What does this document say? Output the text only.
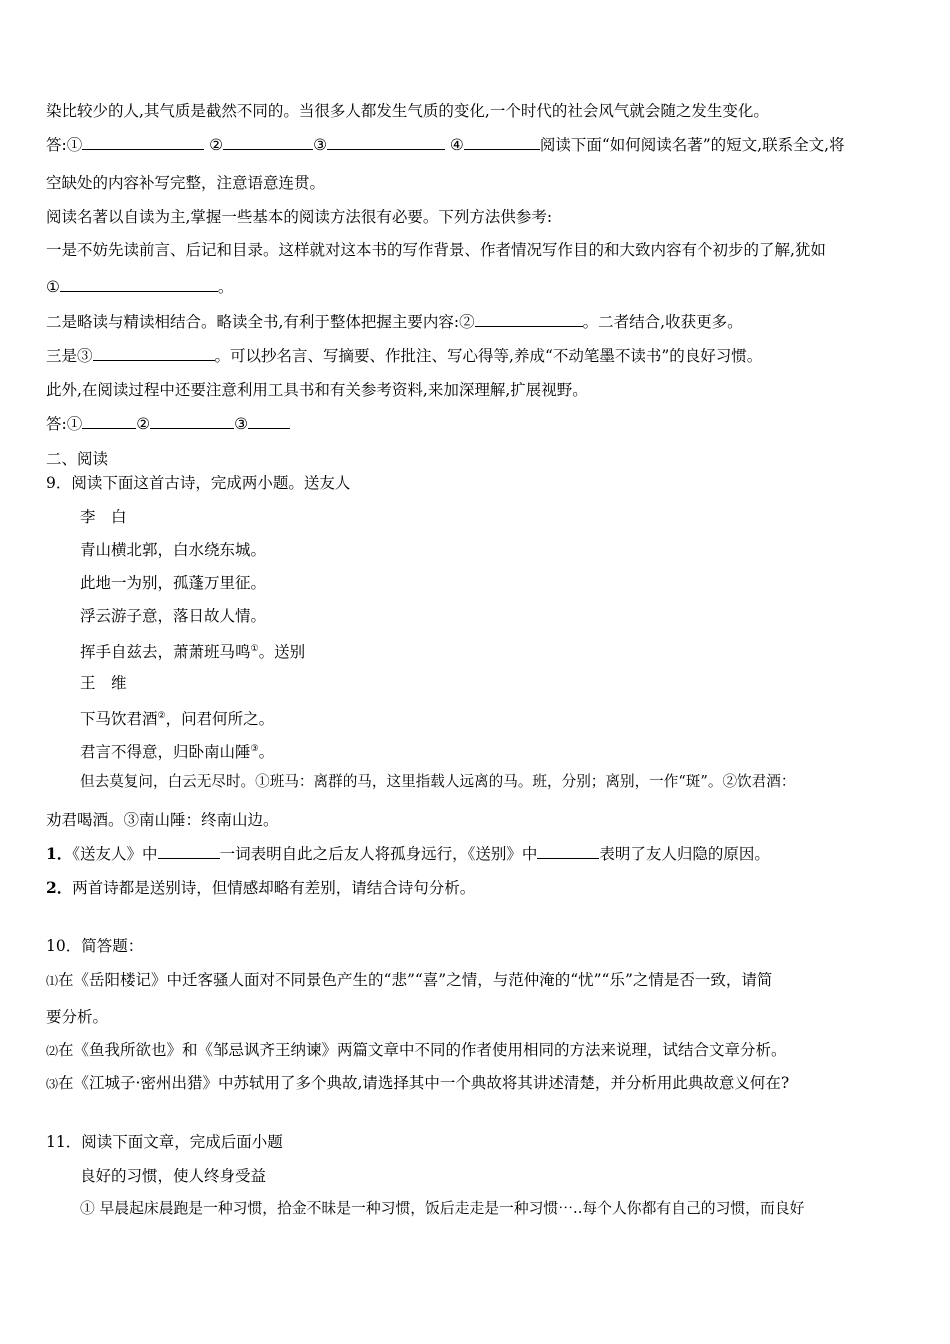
染比较少的人,其气质是截然不同的。当很多人都发生气质的变化,一个时代的社会风气就会随之发生变化。
答:①	②	③	④	阅读下面“如何阅读名著”的短文,联系全文,将
空缺处的内容补写完整，注意语意连贯。
阅读名著以自读为主,掌握一些基本的阅读方法很有必要。下列方法供参考:
一是不妨先读前言、后记和目录。这样就对这本书的写作背景、作者情况写作目的和大致内容有个初步的了解,犹如
①	。
二是略读与精读相结合。略读全书,有利于整体把握主要内容:②	。二者结合,收获更多。
三是③	。可以抄名言、写摘要、作批注、写心得等,养成“不动笔墨不读书”的良好习惯。
此外,在阅读过程中还要注意利用工具书和有关参考资料,来加深理解,扩展视野。
答:①	②	③
二、阅读
9．阅读下面这首古诗，完成两小题。送友人
李　白
青山横北郭，白水绕东城。
此地一为别，孤蓬万里征。
浮云游子意，落日故人情。
挥手自兹去，萧萧班马鸣①。送别
王　维
下马饮君酒②，问君何所之。
君言不得意，归卧南山陲③。
但去莫复问，白云无尽时。①班马：离群的马，这里指载人远离的马。班，分别；离别，一作“斑”。②饮君酒：
劝君喝酒。③南山陲：终南山边。
1．《送友人》中	一词表明自此之后友人将孤身远行，《送别》中	表明了友人归隐的原因。
2．两首诗都是送别诗，但情感却略有差别，请结合诗句分析。
10．简答题：
⑴在《岳阳楼记》中迁客骚人面对不同景色产生的“悲”“喜”之情，与范仲淹的“忧”“乐”之情是否一致，请简
要分析。
⑵在《鱼我所欲也》和《邹忌讽齐王纳谏》两篇文章中不同的作者使用相同的方法来说理，试结合文章分析。
⑶在《江城子·密州出猎》中苏轼用了多个典故,请选择其中一个典故将其讲述清楚，并分析用此典故意义何在?
11．阅读下面文章，完成后面小题
良好的习惯，使人终身受益
① 早晨起床晨跑是一种习惯，拾金不昧是一种习惯，饭后走走是一种习惯⋯..每个人你都有自己的习惯，而良好
